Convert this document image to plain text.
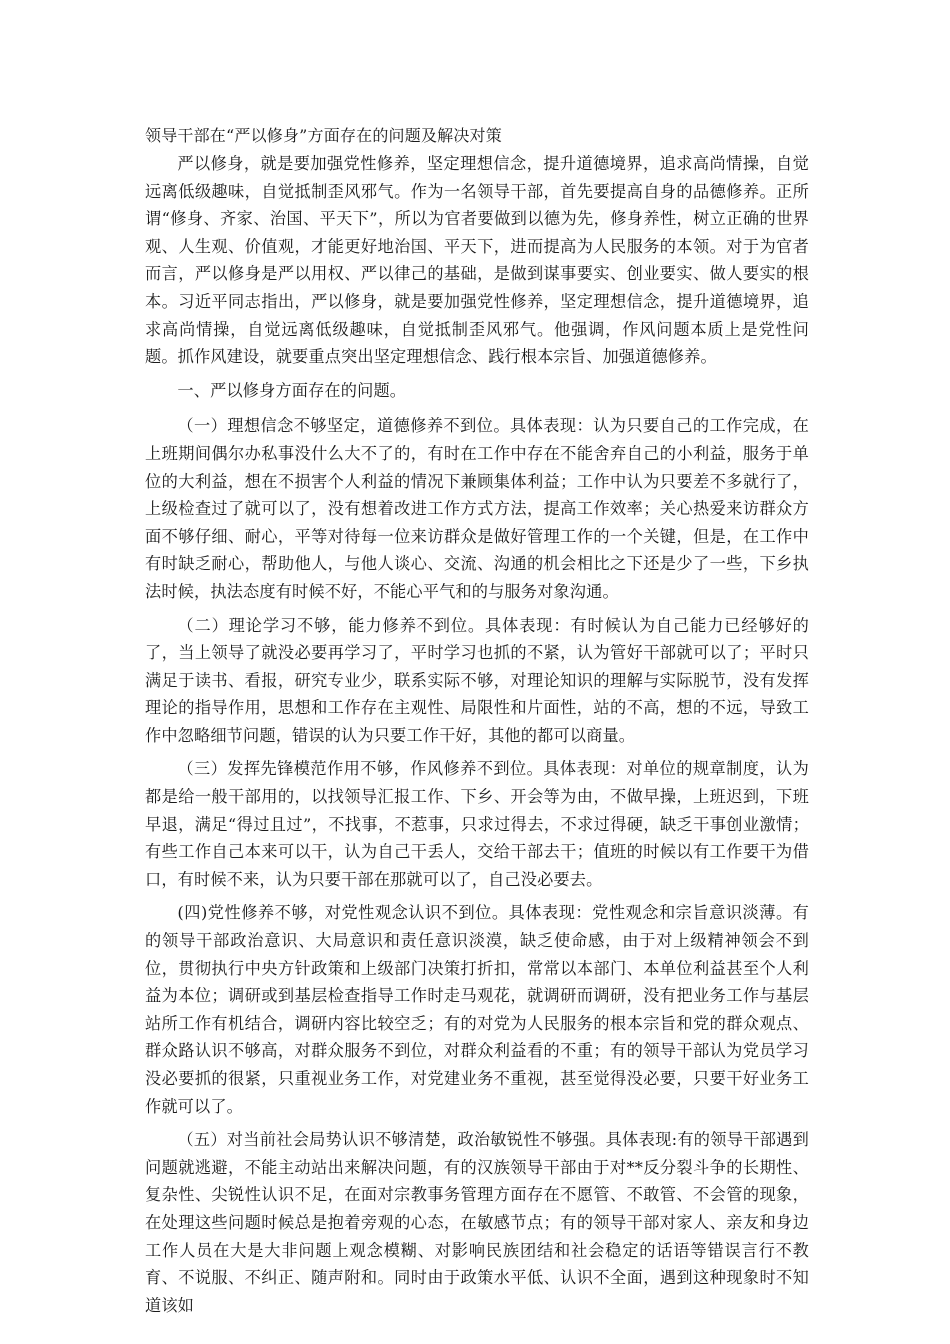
领导干部在“严以修身”方面存在的问题及解决对策

严以修身，就是要加强党性修养，坚定理想信念，提升道德境界，追求高尚情操，自觉远离低级趣味，自觉抵制歪风邪气。作为一名领导干部，首先要提高自身的品德修养。正所谓“修身、齐家、治国、平天下”，所以为官者要做到以德为先，修身养性，树立正确的世界观、人生观、价值观，才能更好地治国、平天下，进而提高为人民服务的本领。对于为官者而言，严以修身是严以用权、严以律己的基础，是做到谋事要实、创业要实、做人要实的根本。习近平同志指出，严以修身，就是要加强党性修养，坚定理想信念，提升道德境界，追求高尚情操，自觉远离低级趣味，自觉抵制歪风邪气。他强调，作风问题本质上是党性问题。抓作风建设，就要重点突出坚定理想信念、践行根本宗旨、加强道德修养。

一、严以修身方面存在的问题。

（一）理想信念不够坚定，道德修养不到位。具体表现：认为只要自己的工作完成，在上班期间偶尔办私事没什么大不了的，有时在工作中存在不能舍弃自己的小利益，服务于单位的大利益，想在不损害个人利益的情况下兼顾集体利益；工作中认为只要差不多就行了，上级检查过了就可以了，没有想着改进工作方式方法，提高工作效率；关心热爱来访群众方面不够仔细、耐心，平等对待每一位来访群众是做好管理工作的一个关键，但是，在工作中有时缺乏耐心，帮助他人，与他人谈心、交流、沟通的机会相比之下还是少了一些，下乡执法时候，执法态度有时候不好，不能心平气和的与服务对象沟通。

（二）理论学习不够，能力修养不到位。具体表现：有时候认为自己能力已经够好的了，当上领导了就没必要再学习了，平时学习也抓的不紧，认为管好干部就可以了；平时只满足于读书、看报，研究专业少，联系实际不够，对理论知识的理解与实际脱节，没有发挥理论的指导作用，思想和工作存在主观性、局限性和片面性，站的不高，想的不远，导致工作中忽略细节问题，错误的认为只要工作干好，其他的都可以商量。

（三）发挥先锋模范作用不够，作风修养不到位。具体表现：对单位的规章制度，认为都是给一般干部用的，以找领导汇报工作、下乡、开会等为由，不做早操，上班迟到，下班早退，满足“得过且过”，不找事，不惹事，只求过得去，不求过得硬，缺乏干事创业激情；有些工作自己本来可以干，认为自己干丢人，交给干部去干；值班的时候以有工作要干为借口，有时候不来，认为只要干部在那就可以了，自己没必要去。

(四)党性修养不够，对党性观念认识不到位。具体表现：党性观念和宗旨意识淡薄。有的领导干部政治意识、大局意识和责任意识淡漠，缺乏使命感，由于对上级精神领会不到位，贯彻执行中央方针政策和上级部门决策打折扣，常常以本部门、本单位利益甚至个人利益为本位；调研或到基层检查指导工作时走马观花，就调研而调研，没有把业务工作与基层站所工作有机结合，调研内容比较空乏；有的对党为人民服务的根本宗旨和党的群众观点、群众路认识不够高，对群众服务不到位，对群众利益看的不重；有的领导干部认为党员学习没必要抓的很紧，只重视业务工作，对党建业务不重视，甚至觉得没必要，只要干好业务工作就可以了。

（五）对当前社会局势认识不够清楚，政治敏锐性不够强。具体表现:有的领导干部遇到问题就逃避，不能主动站出来解决问题，有的汉族领导干部由于对**反分裂斗争的长期性、复杂性、尖锐性认识不足，在面对宗教事务管理方面存在不愿管、不敢管、不会管的现象，在处理这些问题时候总是抱着旁观的心态，在敏感节点；有的领导干部对家人、亲友和身边工作人员在大是大非问题上观念模糊、对影响民族团结和社会稳定的话语等错误言行不教育、不说服、不纠正、随声附和。同时由于政策水平低、认识不全面，遇到这种现象时不知道该如
